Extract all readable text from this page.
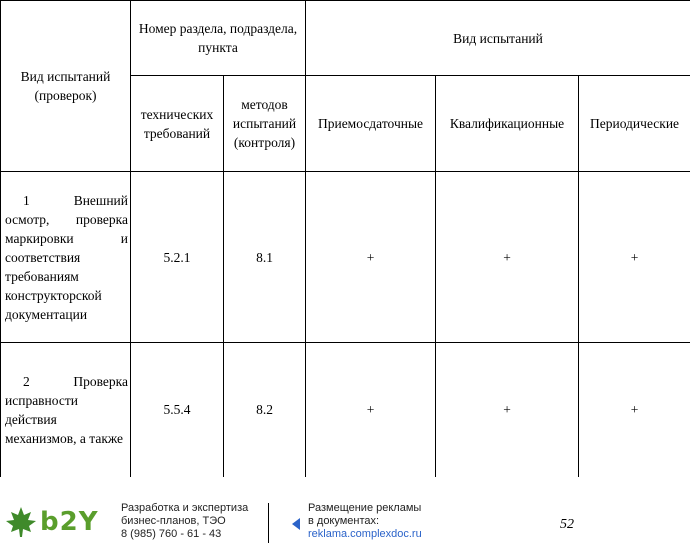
Вид испытаний (проверок)	Номер раздела, подраздела, пункта		Вид испытаний		
	технических требований	методов испытаний (контроля)	Приемосдаточные	Квалификационные	Периодические
1 Внешний осмотр, проверка маркировки и соответствия требованиям конструкторской документации	5.2.1	8.1	+	+	+
2 Проверка исправности действия механизмов, а также	5.5.4	8.2	+	+	+
b2Y Разработка и экспертиза
бизнес-планов, ТЭО
8 (985) 760 - 61 - 43
Размещение рекламы
в документах:
reklama.complexdoc.ru
52
